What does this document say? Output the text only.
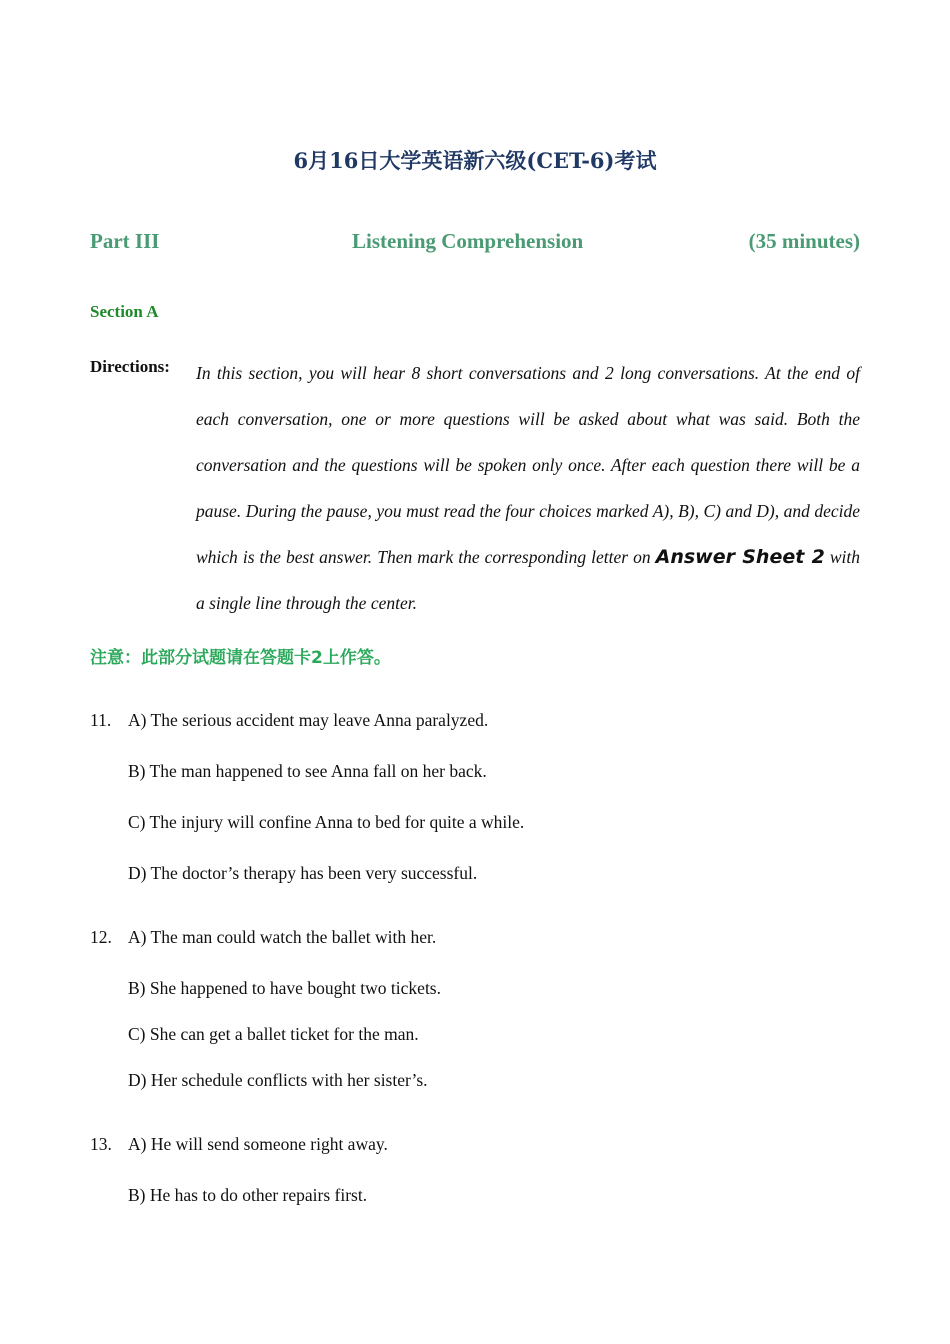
6月16日大学英语新六级(CET-6)考试
Part III	Listening Comprehension	(35 minutes)
Section A
Directions: In this section, you will hear 8 short conversations and 2 long conversations. At the end of each conversation, one or more questions will be asked about what was said. Both the conversation and the questions will be spoken only once. After each question there will be a pause. During the pause, you must read the four choices marked A), B), C) and D), and decide which is the best answer. Then mark the corresponding letter on Answer Sheet 2 with a single line through the center.
注意：此部分试题请在答题卡2上作答。
11. A) The serious accident may leave Anna paralyzed.
B) The man happened to see Anna fall on her back.
C) The injury will confine Anna to bed for quite a while.
D) The doctor’s therapy has been very successful.
12. A) The man could watch the ballet with her.
B) She happened to have bought two tickets.
C) She can get a ballet ticket for the man.
D) Her schedule conflicts with her sister’s.
13. A) He will send someone right away.
B) He has to do other repairs first.
